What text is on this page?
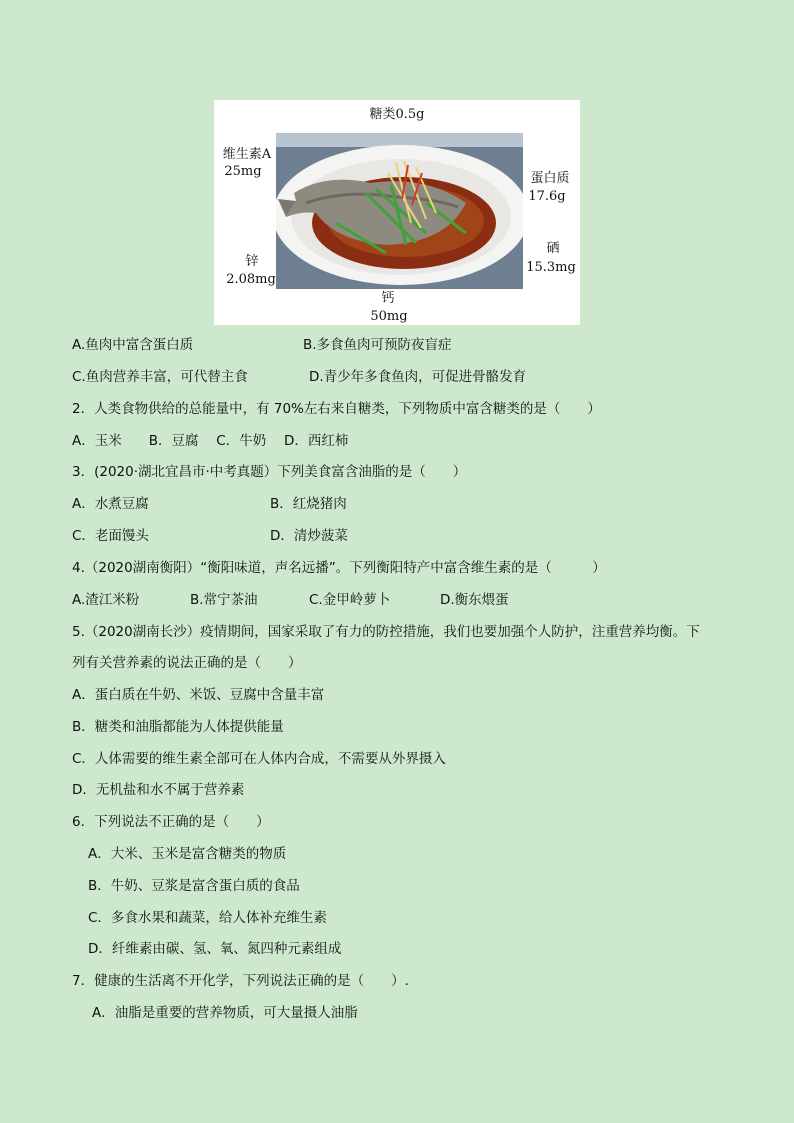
糖类0.5g
维生素A
25mg	蛋白质
17.6g
锌
2.08mg
硒
15.3mg
钙
50mg
A.鱼肉中富含蛋白质	B.多食鱼肉可预防夜盲症
C.鱼肉营养丰富，可代替主食	D.青少年多食鱼肉，可促进骨骼发育
2．人类食物供给的总能量中，有 70%左右来自糖类，下列物质中富含糖类的是（　　）
A．玉米　　B．豆腐　 C．牛奶　 D．西红柿
3．(2020·湖北宜昌市·中考真题）下列美食富含油脂的是（　　）
A．水煮豆腐	B．红烧猪肉
C．老面馒头	D．清炒菠菜
4.（2020湖南衡阳）“衡阳味道，声名远播”。下列衡阳特产中富含维生素的是（　　　）
A.渣江米粉	B.常宁茶油	C.金甲岭萝卜	D.衡东煨蛋
5.（2020湖南长沙）疫情期间，国家采取了有力的防控措施，我们也要加强个人防护，注重营养均衡。下
列有关营养素的说法正确的是（　　）
A．蛋白质在牛奶、米饭、豆腐中含量丰富
B．糖类和油脂都能为人体提供能量
C．人体需要的维生素全部可在人体内合成，不需要从外界摄入
D．无机盐和水不属于营养素
6．下列说法不正确的是（　　）
A．大米、玉米是富含糖类的物质
B．牛奶、豆浆是富含蛋白质的食品
C．多食水果和蔬菜，给人体补充维生素
D．纤维素由碳、氢、氧、氮四种元素组成
7．健康的生活离不开化学，下列说法正确的是（　　）.
A．油脂是重要的营养物质，可大量摄人油脂
